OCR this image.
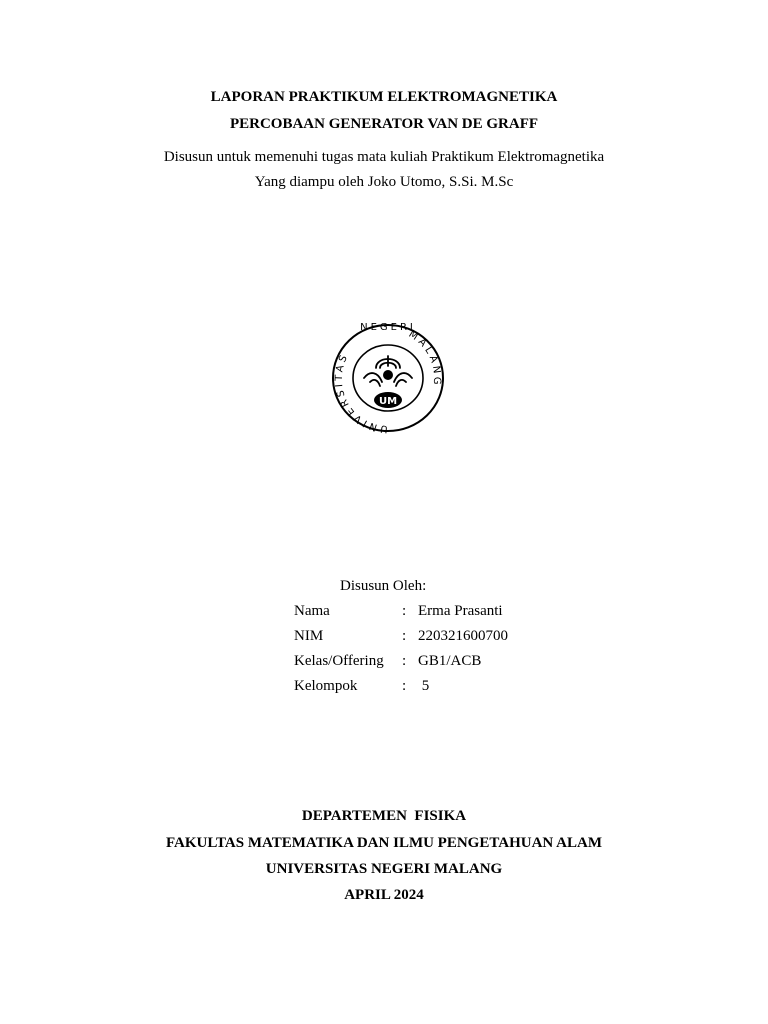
LAPORAN PRAKTIKUM ELEKTROMAGNETIKA
PERCOBAAN GENERATOR VAN DE GRAFF
Disusun untuk memenuhi tugas mata kuliah Praktikum Elektromagnetika
Yang diampu oleh Joko Utomo, S.Si. M.Sc
UNIVERSITAS
MALANG
NEGERI
UM
Disusun Oleh:
Nama	: Erma Prasanti
NIM	: 220321600700
Kelas/Offering : GB1/ACB
Kelompok	: 5
DEPARTEMEN  FISIKA
FAKULTAS MATEMATIKA DAN ILMU PENGETAHUAN ALAM
UNIVERSITAS NEGERI MALANG
APRIL 2024
